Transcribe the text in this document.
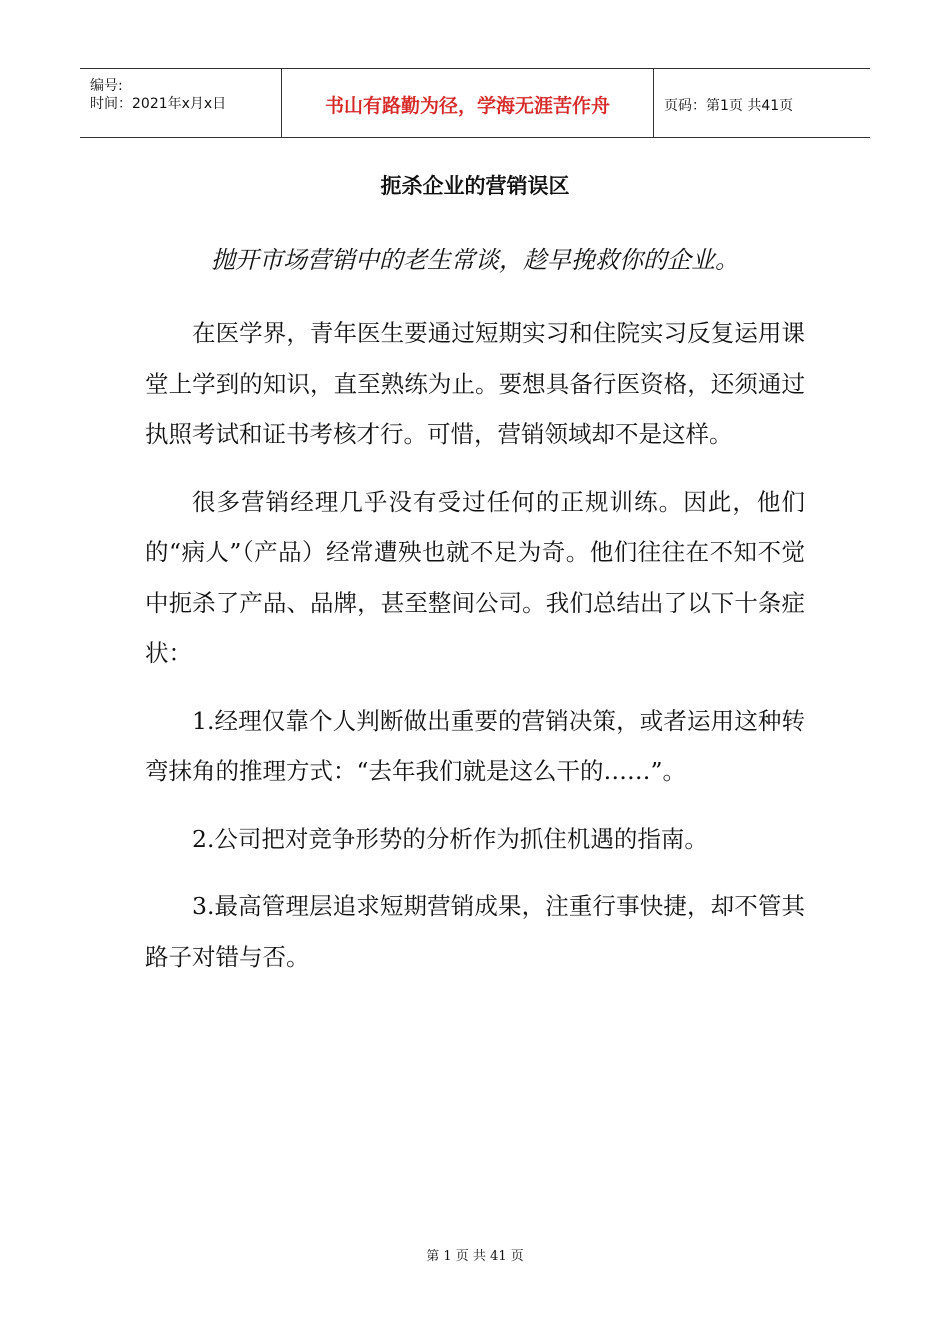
编号:
时间：2021年x月x日	书山有路勤为径，学海无涯苦作舟	页码：第1页 共41页
扼杀企业的营销误区
抛开市场营销中的老生常谈，趁早挽救你的企业。

在医学界，青年医生要通过短期实习和住院实习反复运用课堂上学到的知识，直至熟练为止。要想具备行医资格，还须通过执照考试和证书考核才行。可惜，营销领域却不是这样。

很多营销经理几乎没有受过任何的正规训练。因此，他们的“病人”（产品）经常遭殃也就不足为奇。他们往往在不知不觉中扼杀了产品、品牌，甚至整间公司。我们总结出了以下十条症状：

1.经理仅靠个人判断做出重要的营销决策，或者运用这种转弯抹角的推理方式：“去年我们就是这么干的……”。

2.公司把对竞争形势的分析作为抓住机遇的指南。

3.最高管理层追求短期营销成果，注重行事快捷，却不管其路子对错与否。

第 1 页 共 41 页
